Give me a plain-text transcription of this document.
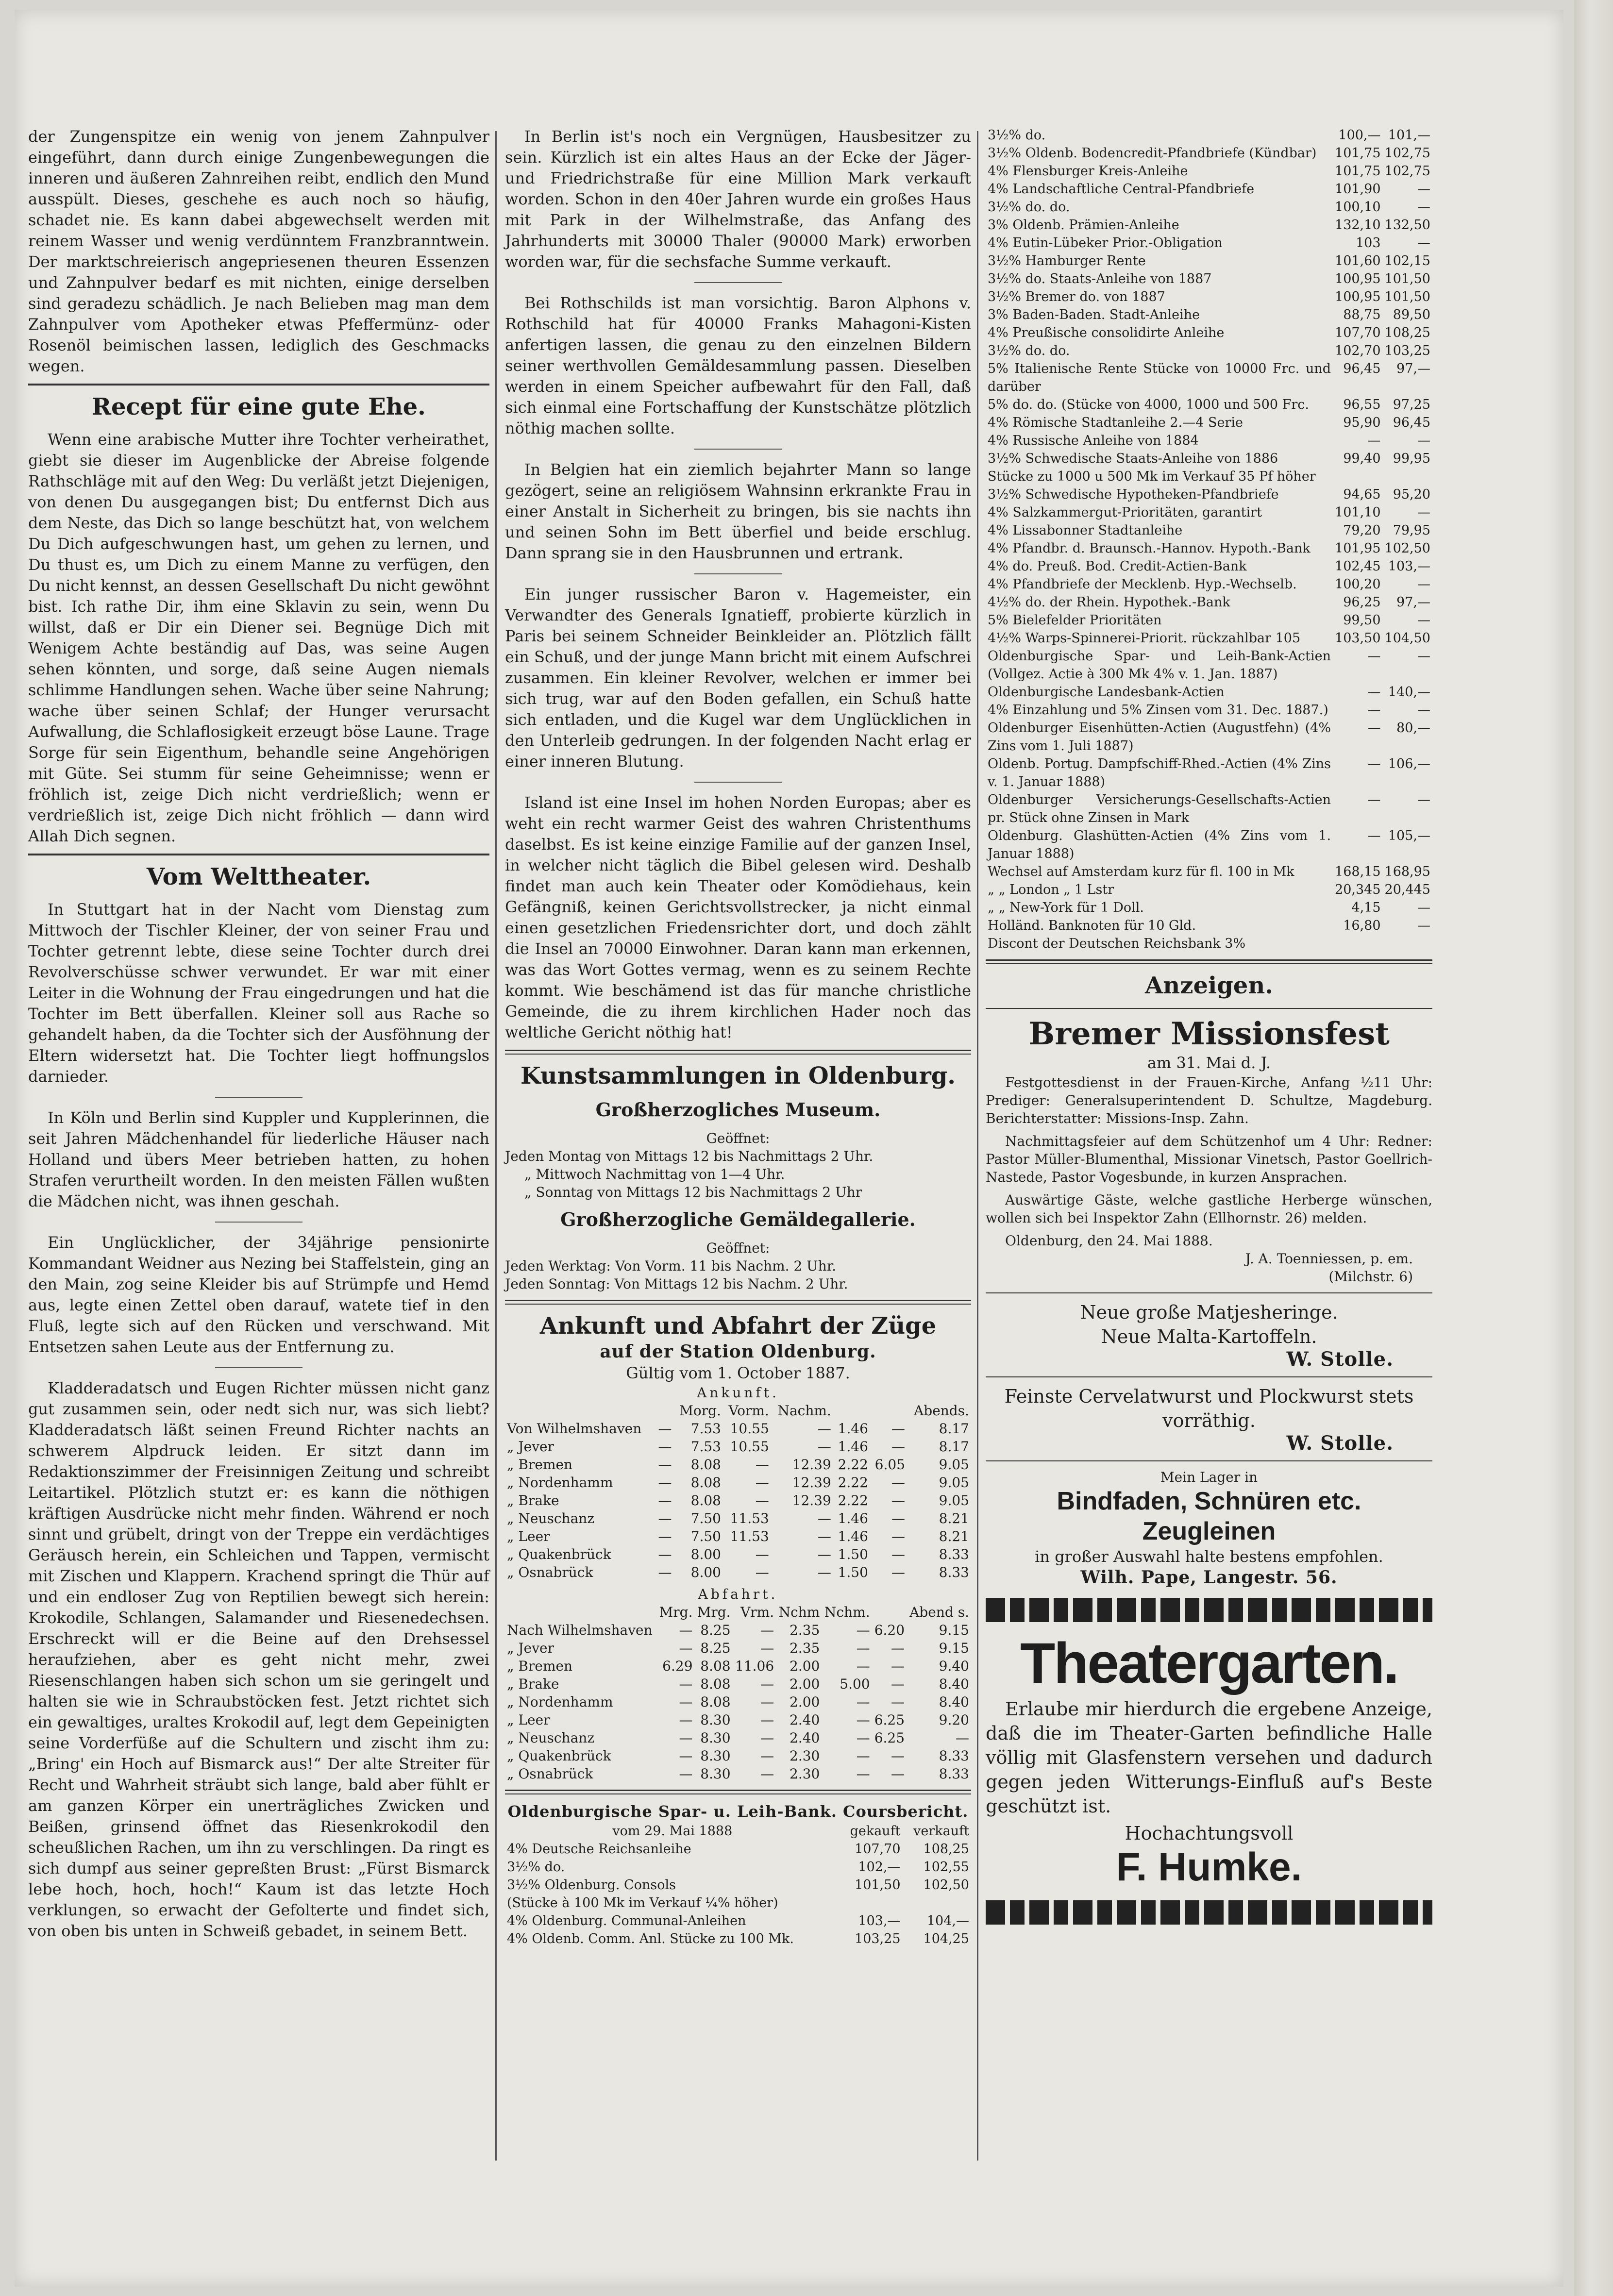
der Zungenspitze ein wenig von jenem Zahnpulver eingeführt, dann durch einige Zungenbewegungen die inneren und äußeren Zahnreihen reibt, endlich den Mund ausspült. Dieses, geschehe es auch noch so häufig, schadet nie. Es kann dabei abgewechselt werden mit reinem Wasser und wenig verdünntem Franzbranntwein. Der marktschreierisch angepriesenen theuren Essenzen und Zahnpulver bedarf es mit nichten, einige derselben sind geradezu schädlich. Je nach Belieben mag man dem Zahnpulver vom Apotheker etwas Pfeffermünz- oder Rosenöl beimischen lassen, lediglich des Geschmacks wegen.

Recept für eine gute Ehe.

Wenn eine arabische Mutter ihre Tochter verheirathet, giebt sie dieser im Augenblicke der Abreise folgende Rathschläge mit auf den Weg: Du verläßt jetzt Diejenigen, von denen Du ausgegangen bist; Du entfernst Dich aus dem Neste, das Dich so lange beschützt hat, von welchem Du Dich aufgeschwungen hast, um gehen zu lernen, und Du thust es, um Dich zu einem Manne zu verfügen, den Du nicht kennst, an dessen Gesellschaft Du nicht gewöhnt bist. Ich rathe Dir, ihm eine Sklavin zu sein, wenn Du willst, daß er Dir ein Diener sei. Begnüge Dich mit Wenigem Achte beständig auf Das, was seine Augen sehen könnten, und sorge, daß seine Augen niemals schlimme Handlungen sehen. Wache über seine Nahrung; wache über seinen Schlaf; der Hunger verursacht Aufwallung, die Schlaflosigkeit erzeugt böse Laune. Trage Sorge für sein Eigenthum, behandle seine Angehörigen mit Güte. Sei stumm für seine Geheimnisse; wenn er fröhlich ist, zeige Dich nicht verdrießlich; wenn er verdrießlich ist, zeige Dich nicht fröhlich — dann wird Allah Dich segnen.

Vom Welttheater.

In Stuttgart hat in der Nacht vom Dienstag zum Mittwoch der Tischler Kleiner, der von seiner Frau und Tochter getrennt lebte, diese seine Tochter durch drei Revolverschüsse schwer verwundet. Er war mit einer Leiter in die Wohnung der Frau eingedrungen und hat die Tochter im Bett überfallen. Kleiner soll aus Rache so gehandelt haben, da die Tochter sich der Ausföhnung der Eltern widersetzt hat. Die Tochter liegt hoffnungslos darnieder.

In Köln und Berlin sind Kuppler und Kupplerinnen, die seit Jahren Mädchenhandel für liederliche Häuser nach Holland und übers Meer betrieben hatten, zu hohen Strafen verurtheilt worden. In den meisten Fällen wußten die Mädchen nicht, was ihnen geschah.

Ein Unglücklicher, der 34jährige pensionirte Kommandant Weidner aus Nezing bei Staffelstein, ging an den Main, zog seine Kleider bis auf Strümpfe und Hemd aus, legte einen Zettel oben darauf, watete tief in den Fluß, legte sich auf den Rücken und verschwand. Mit Entsetzen sahen Leute aus der Entfernung zu.

Kladderadatsch und Eugen Richter müssen nicht ganz gut zusammen sein, oder nedt sich nur, was sich liebt? Kladderadatsch läßt seinen Freund Richter nachts an schwerem Alpdruck leiden. Er sitzt dann im Redaktionszimmer der Freisinnigen Zeitung und schreibt Leitartikel. Plötzlich stutzt er: es kann die nöthigen kräftigen Ausdrücke nicht mehr finden. Während er noch sinnt und grübelt, dringt von der Treppe ein verdächtiges Geräusch herein, ein Schleichen und Tappen, vermischt mit Zischen und Klappern. Krachend springt die Thür auf und ein endloser Zug von Reptilien bewegt sich herein: Krokodile, Schlangen, Salamander und Riesenedechsen. Erschreckt will er die Beine auf den Drehsessel heraufziehen, aber es geht nicht mehr, zwei Riesenschlangen haben sich schon um sie geringelt und halten sie wie in Schraubstöcken fest. Jetzt richtet sich ein gewaltiges, uraltes Krokodil auf, legt dem Gepeinigten seine Vorderfüße auf die Schultern und zischt ihm zu: „Bring' ein Hoch auf Bismarck aus!“ Der alte Streiter für Recht und Wahrheit sträubt sich lange, bald aber fühlt er am ganzen Körper ein unerträgliches Zwicken und Beißen, grinsend öffnet das Riesenkrokodil den scheußlichen Rachen, um ihn zu verschlingen. Da ringt es sich dumpf aus seiner gepreßten Brust: „Fürst Bismarck lebe hoch, hoch, hoch!“ Kaum ist das letzte Hoch verklungen, so erwacht der Gefolterte und findet sich, von oben bis unten in Schweiß gebadet, in seinem Bett.

In Berlin ist's noch ein Vergnügen, Hausbesitzer zu sein. Kürzlich ist ein altes Haus an der Ecke der Jäger- und Friedrichstraße für eine Million Mark verkauft worden. Schon in den 40er Jahren wurde ein großes Haus mit Park in der Wilhelmstraße, das Anfang des Jahrhunderts mit 30000 Thaler (90000 Mark) erworben worden war, für die sechsfache Summe verkauft.

Bei Rothschilds ist man vorsichtig. Baron Alphons v. Rothschild hat für 40000 Franks Mahagoni-Kisten anfertigen lassen, die genau zu den einzelnen Bildern seiner werthvollen Gemäldesammlung passen. Dieselben werden in einem Speicher aufbewahrt für den Fall, daß sich einmal eine Fortschaffung der Kunstschätze plötzlich nöthig machen sollte.

In Belgien hat ein ziemlich bejahrter Mann so lange gezögert, seine an religiösem Wahnsinn erkrankte Frau in einer Anstalt in Sicherheit zu bringen, bis sie nachts ihn und seinen Sohn im Bett überfiel und beide erschlug. Dann sprang sie in den Hausbrunnen und ertrank.

Ein junger russischer Baron v. Hagemeister, ein Verwandter des Generals Ignatieff, probierte kürzlich in Paris bei seinem Schneider Beinkleider an. Plötzlich fällt ein Schuß, und der junge Mann bricht mit einem Aufschrei zusammen. Ein kleiner Revolver, welchen er immer bei sich trug, war auf den Boden gefallen, ein Schuß hatte sich entladen, und die Kugel war dem Unglücklichen in den Unterleib gedrungen. In der folgenden Nacht erlag er einer inneren Blutung.

Island ist eine Insel im hohen Norden Europas; aber es weht ein recht warmer Geist des wahren Christenthums daselbst. Es ist keine einzige Familie auf der ganzen Insel, in welcher nicht täglich die Bibel gelesen wird. Deshalb findet man auch kein Theater oder Komödiehaus, kein Gefängniß, keinen Gerichtsvollstrecker, ja nicht einmal einen gesetzlichen Friedensrichter dort, und doch zählt die Insel an 70000 Einwohner. Daran kann man erkennen, was das Wort Gottes vermag, wenn es zu seinem Rechte kommt. Wie beschämend ist das für manche christliche Gemeinde, die zu ihrem kirchlichen Hader noch das weltliche Gericht nöthig hat!

Kunstsammlungen in Oldenburg.
Großherzogliches Museum.
Geöffnet:
Jeden Montag von Mittags 12 bis Nachmittags 2 Uhr.
„ Mittwoch Nachmittag von 1—4 Uhr.
„ Sonntag von Mittags 12 bis Nachmittags 2 Uhr
Großherzogliche Gemäldegallerie.
Geöffnet:
Jeden Werktag: Von Vorm. 11 bis Nachm. 2 Uhr.
Jeden Sonntag: Von Mittags 12 bis Nachm. 2 Uhr.
Ankunft und Abfahrt der Züge
auf der Station Oldenburg.
Gültig vom 1. October 1887.
Ankunft.
		Morg.	Vorm.	Nachm.			Abends.
Von Wilhelmshaven	—	7.53	10.55	—	1.46	—	8.17
„ Jever	—	7.53	10.55	—	1.46	—	8.17
„ Bremen	—	8.08	—	12.39	2.22	6.05	9.05
„ Nordenhamm	—	8.08	—	12.39	2.22	—	9.05
„ Brake	—	8.08	—	12.39	2.22	—	9.05
„ Neuschanz	—	7.50	11.53	—	1.46	—	8.21
„ Leer	—	7.50	11.53	—	1.46	—	8.21
„ Quakenbrück	—	8.00	—	—	1.50	—	8.33
„ Osnabrück	—	8.00	—	—	1.50	—	8.33
Abfahrt.
	Mrg.	Mrg.	Vrm.	Nchm	Nchm.		Abend s.
Nach Wilhelmshaven	—	8.25	—	2.35	—	6.20	9.15
„ Jever	—	8.25	—	2.35	—	—	9.15
„ Bremen	6.29	8.08	11.06	2.00	—	—	9.40
„ Brake	—	8.08	—	2.00	5.00	—	8.40
„ Nordenhamm	—	8.08	—	2.00	—	—	8.40
„ Leer	—	8.30	—	2.40	—	6.25	9.20
„ Neuschanz	—	8.30	—	2.40	—	6.25	—
„ Quakenbrück	—	8.30	—	2.30	—	—	8.33
„ Osnabrück	—	8.30	—	2.30	—	—	8.33
Oldenburgische Spar- u. Leih-Bank. Coursbericht.
vom 29. Mai 1888	gekauft	verkauft
4% Deutsche Reichsanleihe	107,70	108,25
3½% do.	102,—	102,55
3½% Oldenburg. Consols	101,50	102,50
(Stücke à 100 Mk im Verkauf ¼% höher)		
4% Oldenburg. Communal-Anleihen	103,—	104,—
4% Oldenb. Comm. Anl. Stücke zu 100 Mk.	103,25	104,25
3½% do.	100,—	101,—
3½% Oldenb. Bodencredit-Pfandbriefe (Kündbar)	101,75	102,75
4% Flensburger Kreis-Anleihe	101,75	102,75
4% Landschaftliche Central-Pfandbriefe	101,90	—
3½% do. do.	100,10	—
3% Oldenb. Prämien-Anleihe	132,10	132,50
4% Eutin-Lübeker Prior.-Obligation	103	—
3½% Hamburger Rente	101,60	102,15
3½% do. Staats-Anleihe von 1887	100,95	101,50
3½% Bremer do. von 1887	100,95	101,50
3% Baden-Baden. Stadt-Anleihe	88,75	89,50
4% Preußische consolidirte Anleihe	107,70	108,25
3½% do. do.	102,70	103,25
5% Italienische Rente Stücke von 10000 Frc. und darüber	96,45	97,—
5% do. do. (Stücke von 4000, 1000 und 500 Frc.	96,55	97,25
4% Römische Stadtanleihe 2.—4 Serie	95,90	96,45
4% Russische Anleihe von 1884	—	—
3½% Schwedische Staats-Anleihe von 1886	99,40	99,95
Stücke zu 1000 u 500 Mk im Verkauf 35 Pf höher		
3½% Schwedische Hypotheken-Pfandbriefe	94,65	95,20
4% Salzkammergut-Prioritäten, garantirt	101,10	—
4% Lissabonner Stadtanleihe	79,20	79,95
4% Pfandbr. d. Braunsch.-Hannov. Hypoth.-Bank	101,95	102,50
4% do. Preuß. Bod. Credit-Actien-Bank	102,45	103,—
4% Pfandbriefe der Mecklenb. Hyp.-Wechselb.	100,20	—
4½% do. der Rhein. Hypothek.-Bank	96,25	97,—
5% Bielefelder Prioritäten	99,50	—
4½% Warps-Spinnerei-Priorit. rückzahlbar 105	103,50	104,50
Oldenburgische Spar- und Leih-Bank-Actien (Vollgez. Actie à 300 Mk 4% v. 1. Jan. 1887)	—	—
Oldenburgische Landesbank-Actien	—	140,—
4% Einzahlung und 5% Zinsen vom 31. Dec. 1887.)	—	—
Oldenburger Eisenhütten-Actien (Augustfehn) (4% Zins vom 1. Juli 1887)	—	80,—
Oldenb. Portug. Dampfschiff-Rhed.-Actien (4% Zins v. 1. Januar 1888)	—	106,—
Oldenburger Versicherungs-Gesellschafts-Actien pr. Stück ohne Zinsen in Mark	—	—
Oldenburg. Glashütten-Actien (4% Zins vom 1. Januar 1888)	—	105,—
Wechsel auf Amsterdam kurz für fl. 100 in Mk	168,15	168,95
„ „ London „ 1 Lstr	20,345	20,445
„ „ New-York für 1 Doll.	4,15	—
Holländ. Banknoten für 10 Gld.	16,80	—
Discont der Deutschen Reichsbank 3%		
Anzeigen.
Bremer Missionsfest
am 31. Mai d. J.

Festgottesdienst in der Frauen-Kirche, Anfang ½11 Uhr: Prediger: Generalsuperintendent D. Schultze, Magdeburg. Berichterstatter: Missions-Insp. Zahn.

Nachmittagsfeier auf dem Schützenhof um 4 Uhr: Redner: Pastor Müller-Blumenthal, Missionar Vinetsch, Pastor Goellrich-Nastede, Pastor Vogesbunde, in kurzen Ansprachen.

Auswärtige Gäste, welche gastliche Herberge wünschen, wollen sich bei Inspektor Zahn (Ellhornstr. 26) melden.

Oldenburg, den 24. Mai 1888.
J. A. Toenniessen, p. em.
(Milchstr. 6)
Neue große Matjesheringe.
Neue Malta-Kartoffeln.
W. Stolle.
Feinste Cervelatwurst und Plockwurst stets vorräthig.
W. Stolle.
Mein Lager in
Bindfaden, Schnüren etc.
Zeugleinen
in großer Auswahl halte bestens empfohlen.
Wilh. Pape, Langestr. 56.
Theatergarten.

Erlaube mir hierdurch die ergebene Anzeige, daß die im Theater-Garten befindliche Halle völlig mit Glasfenstern versehen und dadurch gegen jeden Witterungs-Einfluß auf's Beste geschützt ist.

Hochachtungsvoll
F. Humke.
